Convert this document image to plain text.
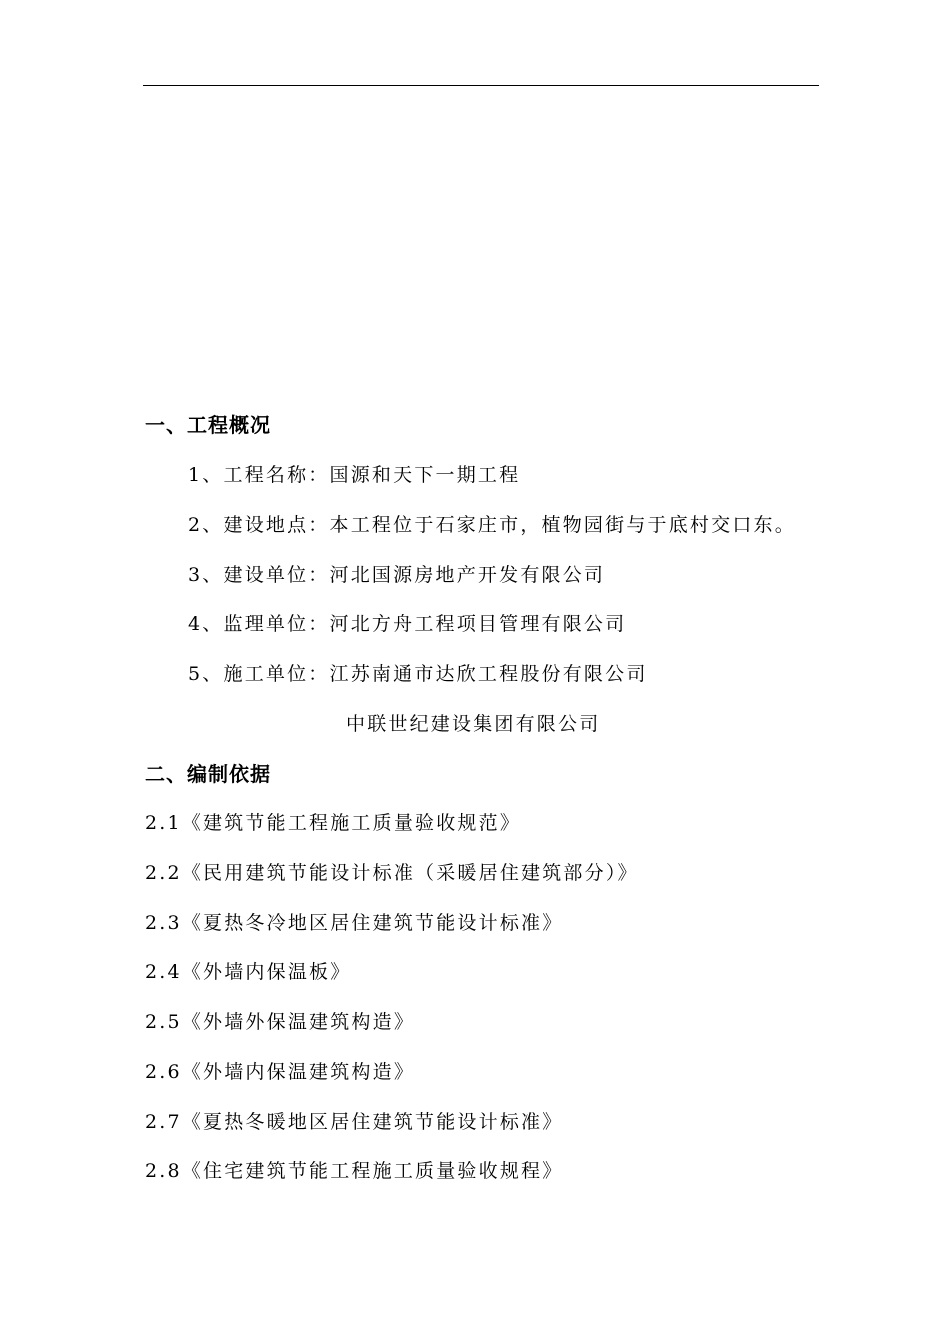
一、工程概况
1、工程名称：国源和天下一期工程
2、建设地点：本工程位于石家庄市，植物园街与于底村交口东。
3、建设单位：河北国源房地产开发有限公司
4、监理单位：河北方舟工程项目管理有限公司
5、施工单位：江苏南通市达欣工程股份有限公司
中联世纪建设集团有限公司
二、编制依据
2.1《建筑节能工程施工质量验收规范》
2.2《民用建筑节能设计标准（采暖居住建筑部分）》
2.3《夏热冬冷地区居住建筑节能设计标准》
2.4《外墙内保温板》
2.5《外墙外保温建筑构造》
2.6《外墙内保温建筑构造》
2.7《夏热冬暖地区居住建筑节能设计标准》
2.8《住宅建筑节能工程施工质量验收规程》
